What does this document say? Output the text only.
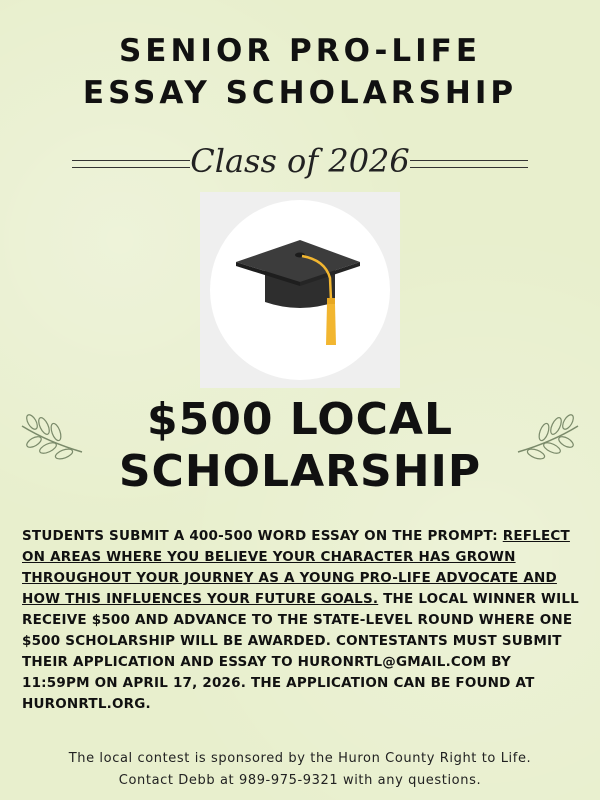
SENIOR PRO-LIFE
ESSAY SCHOLARSHIP
Class of 2026
$500 LOCAL
SCHOLARSHIP
STUDENTS SUBMIT A 400-500 WORD ESSAY ON THE PROMPT: REFLECT ON AREAS WHERE YOU BELIEVE YOUR CHARACTER HAS GROWN THROUGHOUT YOUR JOURNEY AS A YOUNG PRO-LIFE ADVOCATE AND HOW THIS INFLUENCES YOUR FUTURE GOALS. THE LOCAL WINNER WILL RECEIVE $500 AND ADVANCE TO THE STATE-LEVEL ROUND WHERE ONE $500 SCHOLARSHIP WILL BE AWARDED. CONTESTANTS MUST SUBMIT THEIR APPLICATION AND ESSAY TO HURONRTL@GMAIL.COM BY 11:59PM ON APRIL 17, 2026. THE APPLICATION CAN BE FOUND AT HURONRTL.ORG.
The local contest is sponsored by the Huron County Right to Life.
Contact Debb at 989-975-9321 with any questions.
